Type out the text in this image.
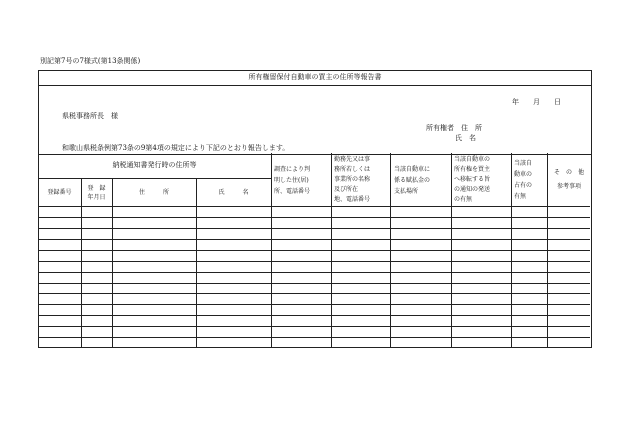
別記第7号の7様式(第13条関係)
所有権留保付自動車の買主の住所等報告書
年　　月　　日
県税事務所長　様
所有権者　住　所
氏　名
和歌山県税条例第73条の9第4項の規定により下記のとおり報告します。
納税通知書発行時の住所等
登録番号
登　録
年月日
住　　　所	氏　　　名
調査により判
明した住(居)
所、電話番号
勤務先又は事
務所若しくは
事業所の名称
及び所在
地、電話番号
当該自動車に
係る賦払金の
支払場所
当該自動車の
所有権を買主
へ移転する旨
の通知の発送
の有無
当該自
動車の
占有の
有無
そ　の　他
参考事項
